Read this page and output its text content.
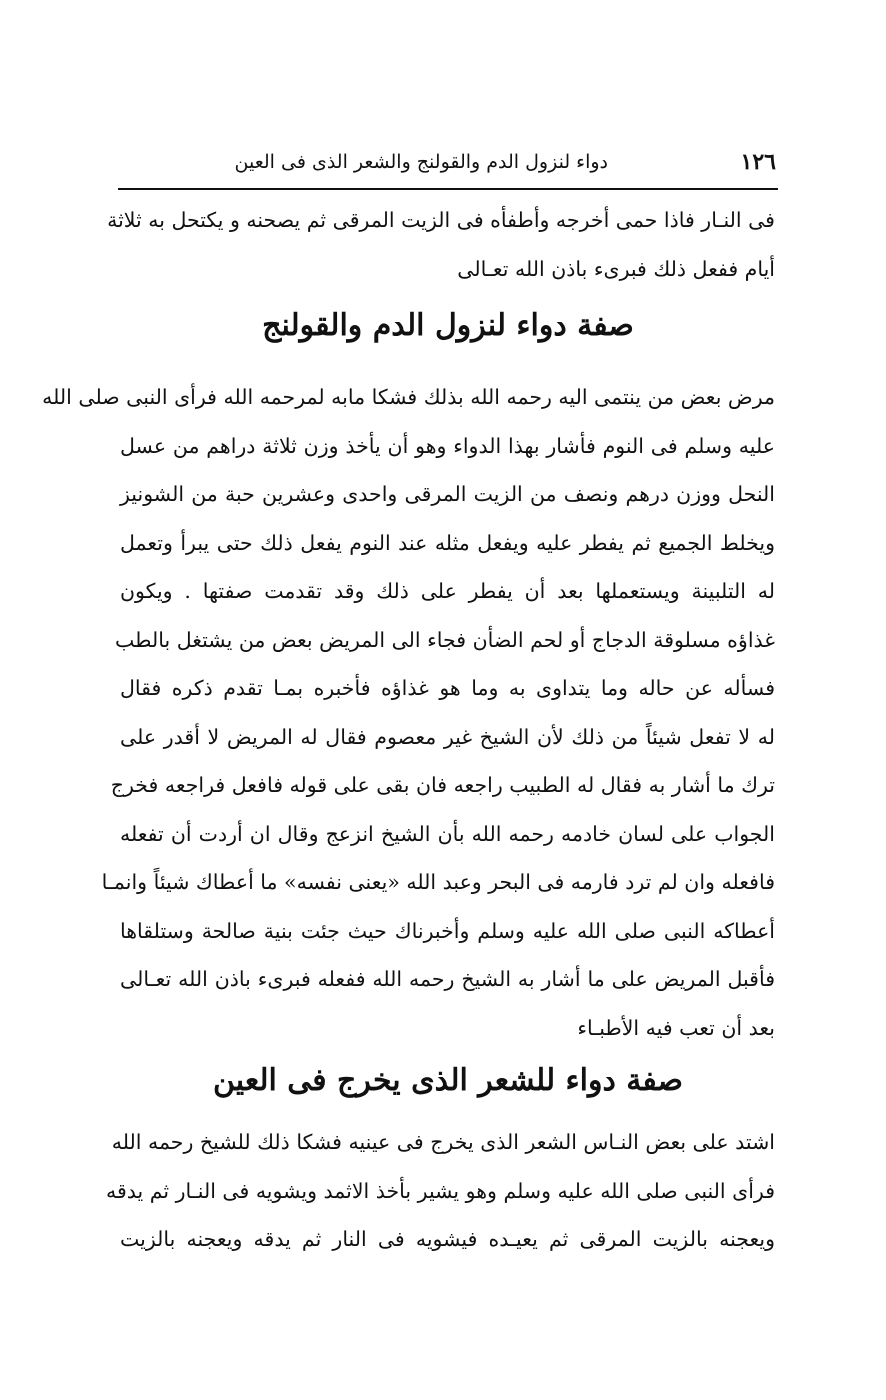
١٢٦
دواء لنزول الدم والقولنج والشعر الذى فى العين
فى النـار فاذا حمى أخرجه وأطفأه فى الزيت المرقى ثم يصحنه و يكتحل به ثلاثة
أيام ففعل ذلك فبرىء باذن الله تعـالى
صفة دواء لنزول الدم والقولنج
مرض بعض من ينتمى اليه رحمه الله بذلك فشكا مابه لمرحمه الله فرأى النبى صلى الله
عليه وسلم فى النوم فأشار بهذا الدواء وهو أن يأخذ وزن ثلاثة دراهم من عسل
النحل ووزن درهم ونصف من الزيت المرقى واحدى وعشرين حبة من الشونيز
ويخلط الجميع ثم يفطر عليه ويفعل مثله عند النوم يفعل ذلك حتى يبرأ وتعمل
له التلبينة ويستعملها بعد أن يفطر على ذلك وقد تقدمت صفتها . ويكون
غذاؤه مسلوقة الدجاج أو لحم الضأن فجاء الى المريض بعض من يشتغل بالطب
فسأله عن حاله وما يتداوى به وما هو غذاؤه فأخبره بمـا تقدم ذكره فقال
له لا تفعل شيئاً من ذلك لأن الشيخ غير معصوم فقال له المريض لا أقدر على
ترك ما أشار به فقال له الطبيب راجعه فان بقى على قوله فافعل فراجعه فخرج
الجواب على لسان خادمه رحمه الله بأن الشيخ انزعج وقال ان أردت أن تفعله
فافعله وان لم ترد فارمه فى البحر وعبد الله «يعنى نفسه» ما أعطاك شيئاً وانمـا
أعطاكه النبى صلى الله عليه وسلم وأخبرناك حيث جئت بنية صالحة وستلقاها
فأقبل المريض على ما أشار به الشيخ رحمه الله ففعله فبرىء باذن الله تعـالى
بعد أن تعب فيه الأطبـاء
صفة دواء للشعر الذى يخرج فى العين
اشتد على بعض النـاس الشعر الذى يخرج فى عينيه فشكا ذلك للشيخ رحمه الله
فرأى النبى صلى الله عليه وسلم وهو يشير بأخذ الاثمد ويشويه فى النـار ثم يدقه
ويعجنه بالزيت المرقى ثم يعيـده فيشويه فى النار ثم يدقه ويعجنه بالزيت
